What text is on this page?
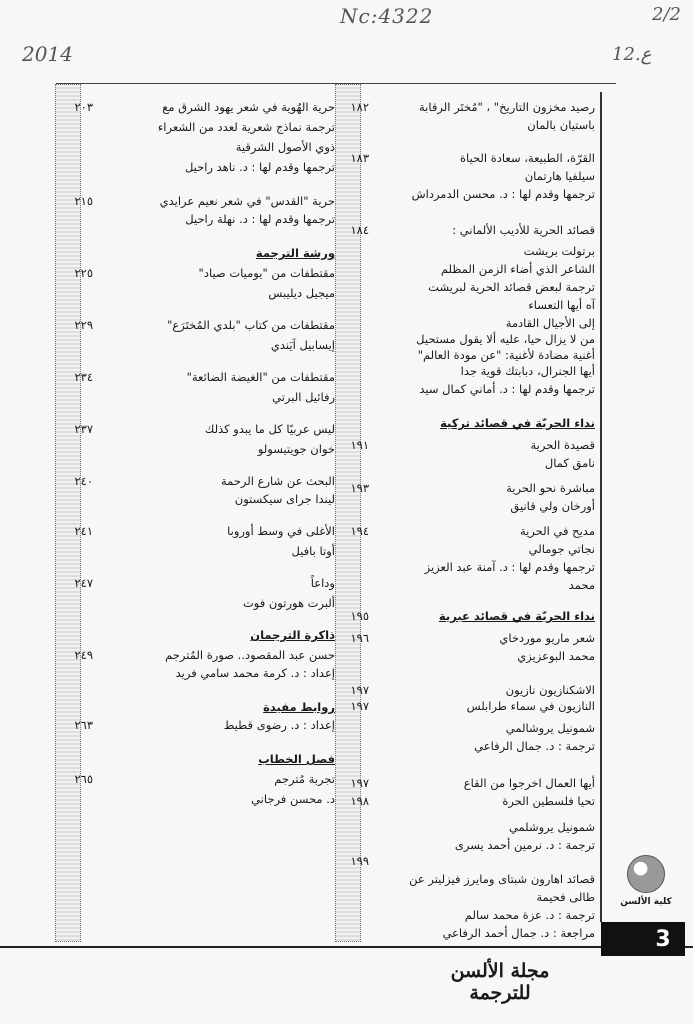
Nc:4322	2/2
2014	ع.12
رصيد مخزون التاريخ" ، "مُختَر الرقابة
١٨٢
باستيان بالمان
القرّة، الطبيعة، سعادة الحياة
١٨٣
سيلفيا هارتمان
ترجمها وقدم لها : د. محسن الدمرداش
قصائد الحرية للأديب الألماني :
١٨٤
برتولت بريشت
الشاعر الذي أضاء الزمن المظلم
ترجمة لبعض قصائد الحرية لبريشت
آه أيها التعساء
إلى الأجيال القادمة
من لا يزال حيا، عليه ألا يقول مستحيل
أغنية مضادة لأغنية: "عن مودة العالم"
أيها الجنرال، دبابتك قوية جدا
ترجمها وقدم لها : د. أماني كمال سيد
نداء الحريّة في قصائد تركية
قصيدة الحرية
١٩١
نامق كمال
مباشرة نحو الحرية
١٩٣
أورخان ولي قانيق
مديح في الحرية
١٩٤
نجاتي جومالي
ترجمها وقدم لها : د. آمنة عبد العزيز
محمد
نداء الحريّة في قصائد عبرية
١٩٥
شعر ماريو موردخاي
١٩٦
محمد البوعزيزي
الاشكنازيون نازيون
١٩٧
النازيون في سماء طرابلس
١٩٧
شمونيل يروشالمي
ترجمة : د. جمال الرفاعي
أيها العمال اخرجوا من القاع
١٩٧
تحيا فلسطين الحرة
١٩٨
شمونيل يروشلمي
ترجمة : د. نرمين أحمد يسرى
١٩٩
قصائد اهارون شبتاى ومايرز فيزليتر عن
طالى فحيمة
ترجمة : د. عزة محمد سالم
مراجعة : د. جمال أحمد الرفاعي
حرية الهُوية في شعر يهود الشرق مع
٢٠٣
ترجمة نماذج شعرية لعدد من الشعراء
ذوي الأصول الشرقية
ترجمها وقدم لها : د. ناهد راحيل
حرية "القدس" في شعر نعيم عرايدي
٢١٥
ترجمها وقدم لها : د. نهلة راحيل
ورشة الترجمة
مقتطفات من "يوميات صياد"
٢٢٥
ميجيل ديليبس
مقتطفات من كتاب "بلدي المُختَرَع"
٢٢٩
إيسابيل آيَندي
مقتطفات من "الغيضة الضائعة"
٢٣٤
رفائيل البرتي
ليس عربيًا كل ما يبدو كذلك
٢٣٧
خوان جويتيسولو
البحث عن شارع الرحمة
٢٤٠
ليندا جراى سيكستون
الأغلى في وسط أوروبا
٢٤١
أوتا بافيل
وداعاً
٢٤٧
ألبرت هورتون فوت
ذاكرة الترجمان
حسن عبد المقصود.. صورة المُترجم
٢٤٩
إعداد : د. كرمة محمد سامي فريد
روابط مفيدة
إعداد : د. رضوى قطيط
٢٦٣
فصل الخطاب
تجربة مُترجم
٢٦٥
د. محسن فرجاني
كلية الألسن
3
مجلة الألسن للترجمة
